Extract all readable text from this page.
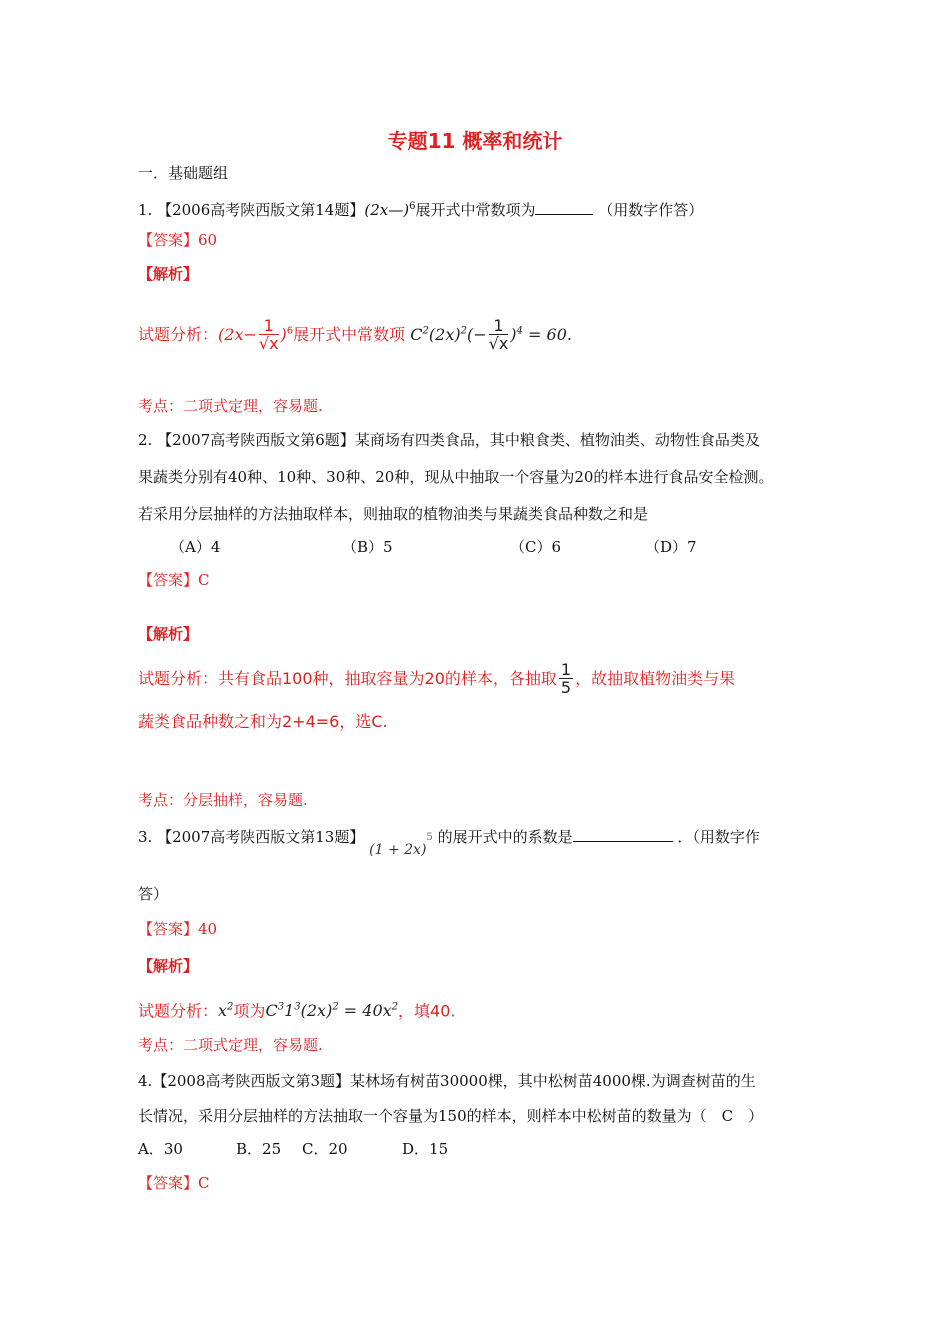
专题11 概率和统计
一．基础题组
1. 【2006高考陕西版文第14题】(2x—)$^6$展开式中常数项为	（用数字作答）
【答案】60
【解析】
试题分析：$(2x- \frac{1}{√x} )^6$展开式中常数项 $C^2(2x)^2(- \frac{1}{√x} )^4 = 60$.
考点：二项式定理，容易题.
2. 【2007高考陕西版文第6题】某商场有四类食品，其中粮食类、植物油类、动物性食品类及
果蔬类分别有40种、10种、30种、20种，现从中抽取一个容量为20的样本进行食品安全检测。
若采用分层抽样的方法抽取样本，则抽取的植物油类与果蔬类食品种数之和是
（A）4	（B）5	（C）6	（D）7
【答案】C
【解析】
试题分析：共有食品100种，抽取容量为20的样本，各抽取 $\frac{1}{5}$ ，故抽取植物油类与果
蔬类食品种数之和为2+4=6，选C.
考点：分层抽样，容易题.
3. 【2007高考陕西版文第13题】 $(1 + 2x)^5$ 的展开式中的系数是	．（用数字作
答）
【答案】40
【解析】
试题分析：$x^2$项为$C^31^3(2x)^2 = 40x^2$，填40.
考点：二项式定理，容易题.
4.【2008高考陕西版文第3题】某林场有树苗30000棵，其中松树苗4000棵.为调查树苗的生
长情况，采用分层抽样的方法抽取一个容量为150的样本，则样本中松树苗的数量为（　C　）
A．30	B．25 C．20	D．15
【答案】C
